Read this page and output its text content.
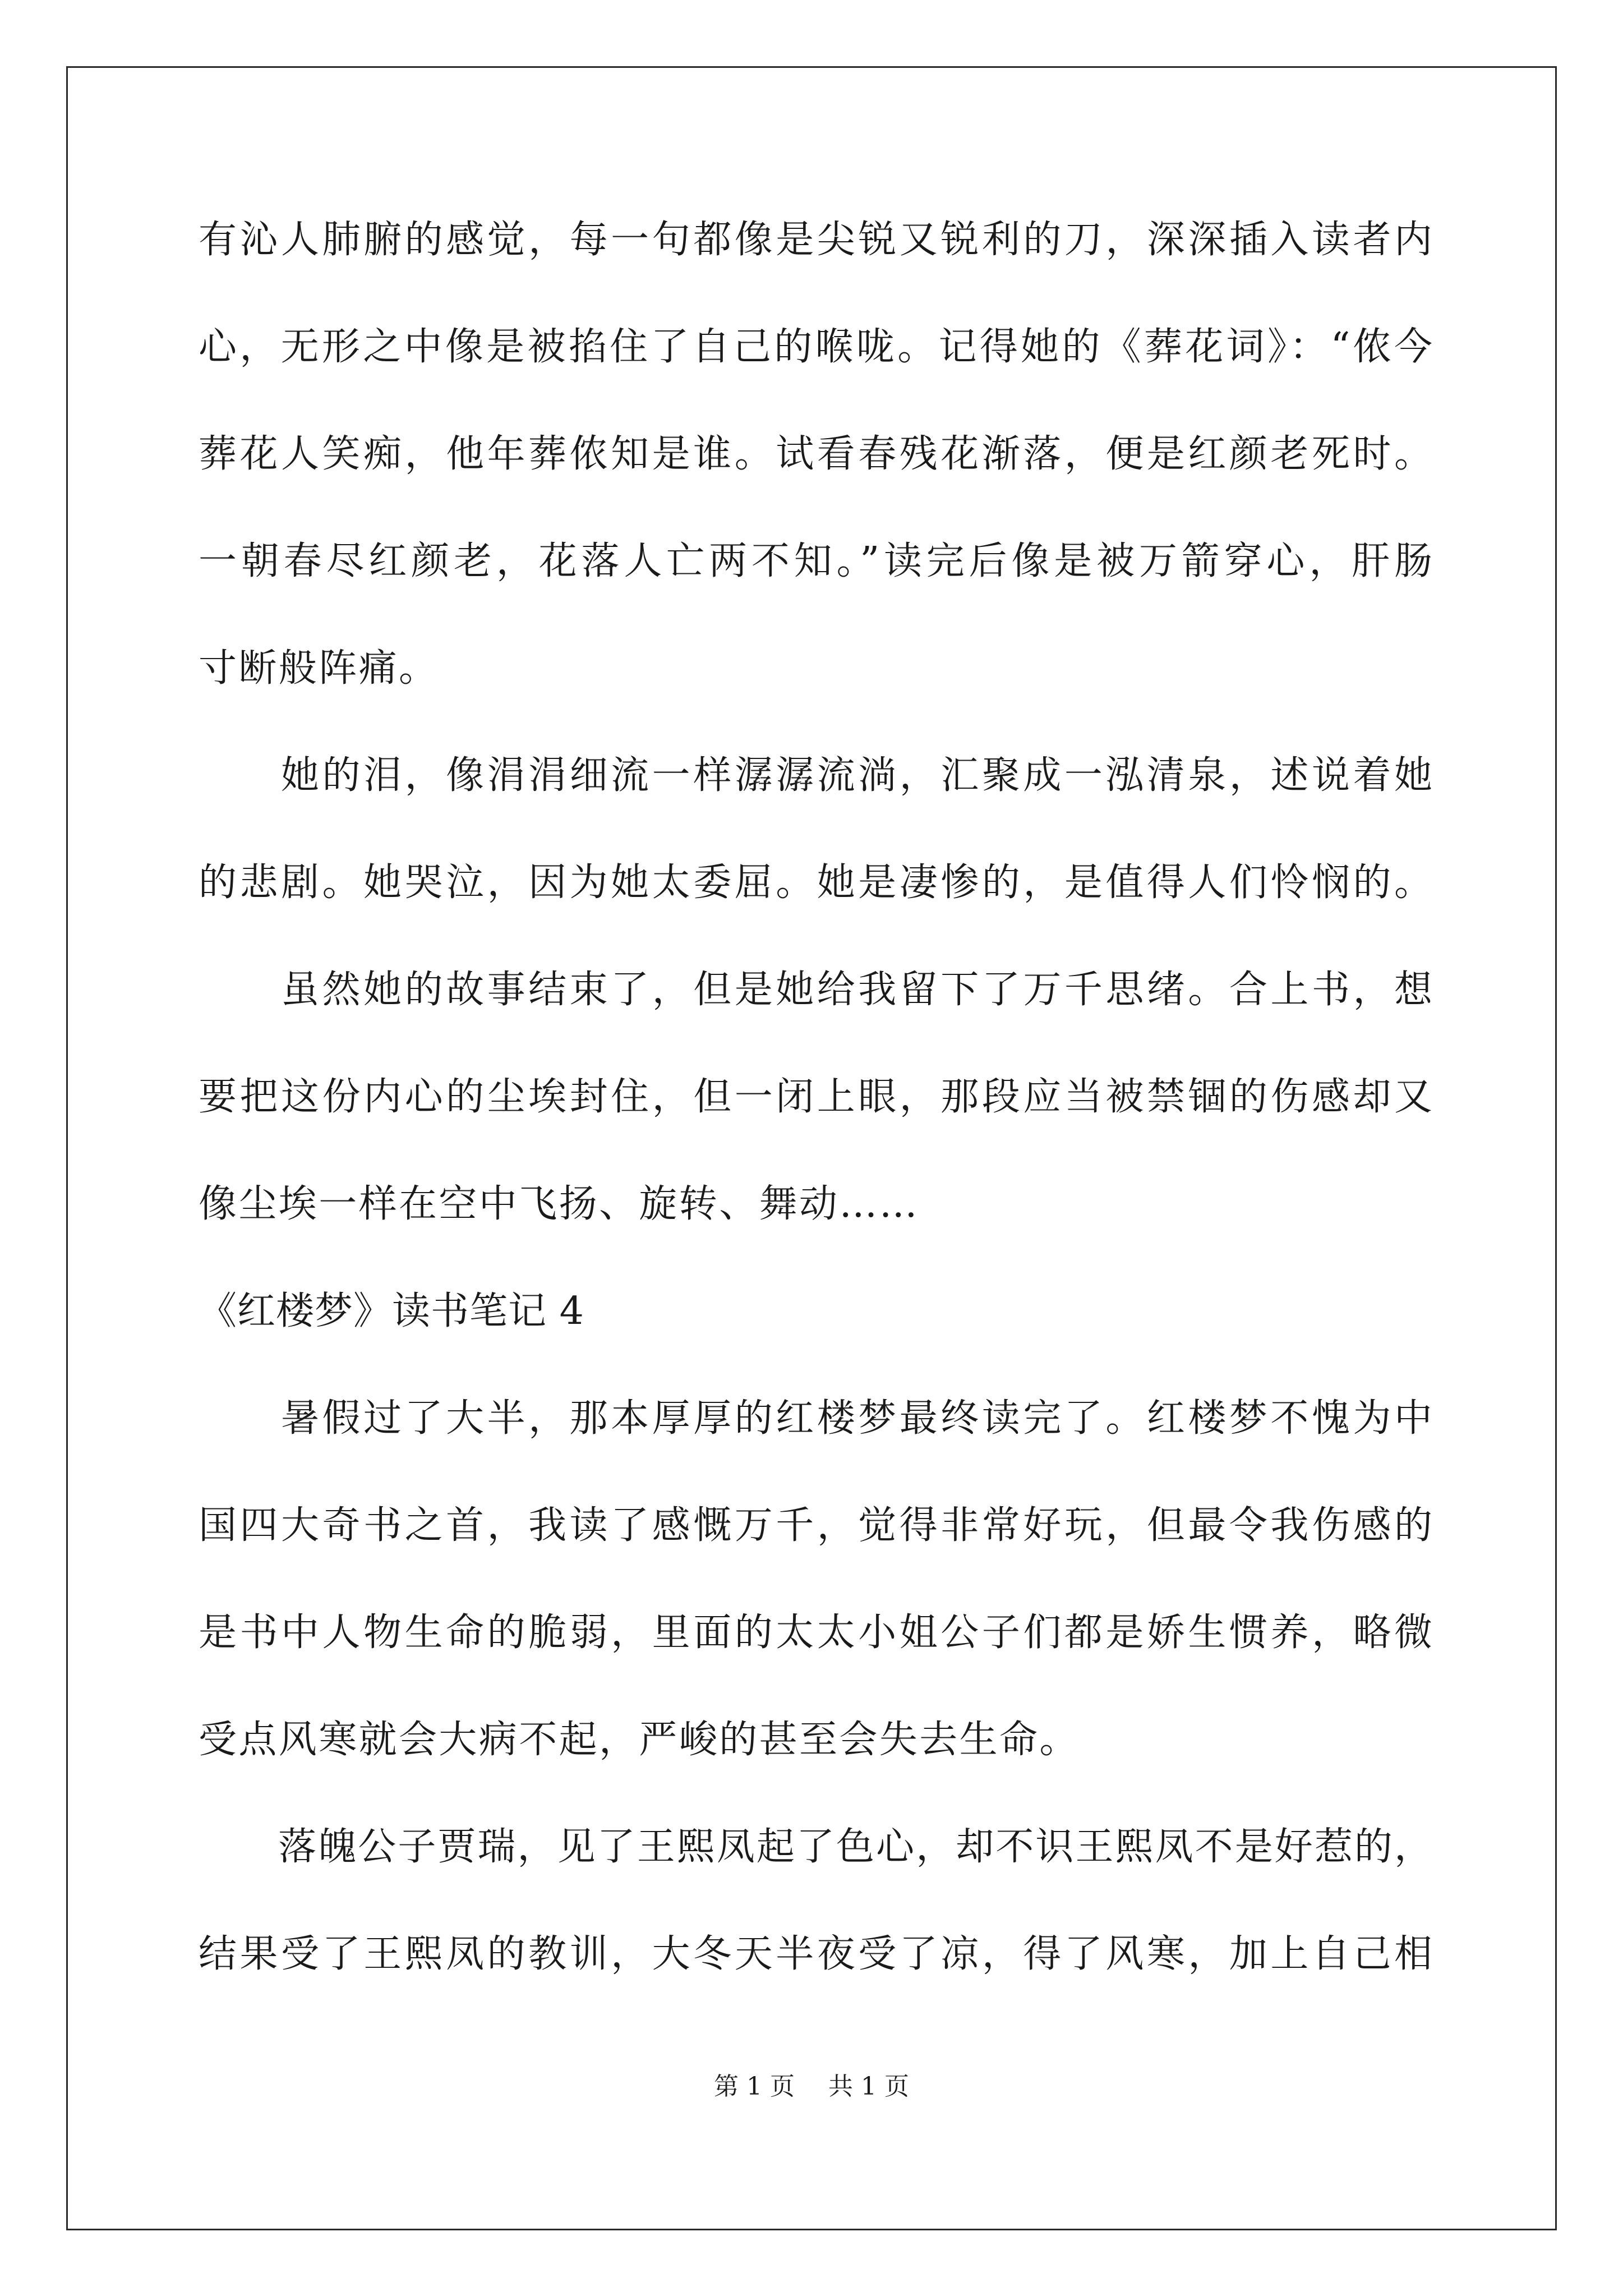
有沁人肺腑的感觉，每一句都像是尖锐又锐利的刀，深深插入读者内
心，无形之中像是被掐住了自己的喉咙。记得她的《葬花词》：“侬今
葬花人笑痴，他年葬侬知是谁。试看春残花渐落，便是红颜老死时。
一朝春尽红颜老，花落人亡两不知。”读完后像是被万箭穿心，肝肠
寸断般阵痛。
　　她的泪，像涓涓细流一样潺潺流淌，汇聚成一泓清泉，述说着她
的悲剧。她哭泣，因为她太委屈。她是凄惨的，是值得人们怜悯的。
　　虽然她的故事结束了，但是她给我留下了万千思绪。合上书，想
要把这份内心的尘埃封住，但一闭上眼，那段应当被禁锢的伤感却又
像尘埃一样在空中飞扬、旋转、舞动……
《红楼梦》读书笔记 4
　　暑假过了大半，那本厚厚的红楼梦最终读完了。红楼梦不愧为中
国四大奇书之首，我读了感慨万千，觉得非常好玩，但最令我伤感的
是书中人物生命的脆弱，里面的太太小姐公子们都是娇生惯养，略微
受点风寒就会大病不起，严峻的甚至会失去生命。
　　落魄公子贾瑞，见了王熙凤起了色心，却不识王熙凤不是好惹的，
结果受了王熙凤的教训，大冬天半夜受了凉，得了风寒，加上自己相
第 1 页 共 1 页
